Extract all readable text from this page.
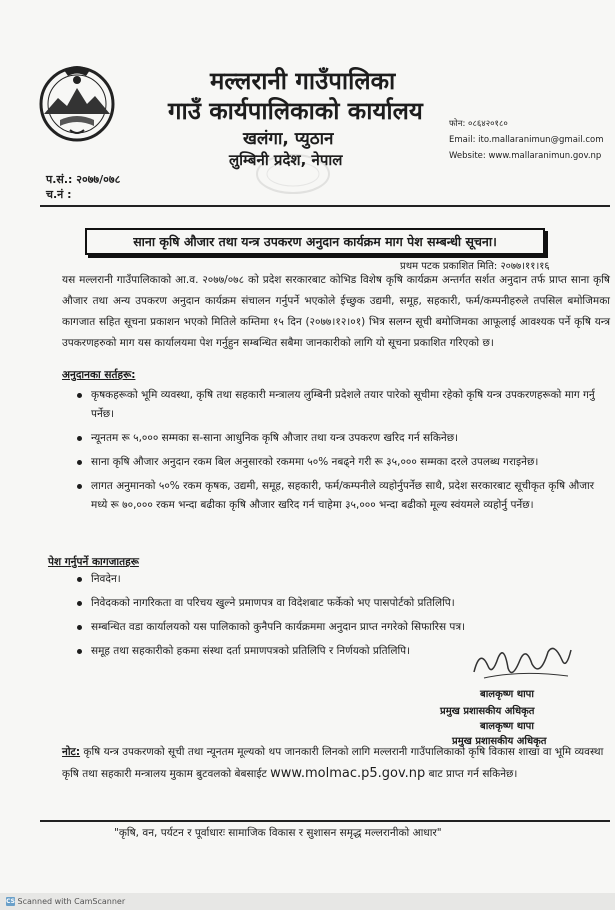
मल्लरानी गाउँपालिका
गाउँ कार्यपालिकाको कार्यालय
खलंगा, प्युठान
लुम्बिनी प्रदेश, नेपाल
फोन: ०८६४२०१८०
Email: ito.mallaranimun@gmail.com
Website: www.mallaranimun.gov.np
प.सं.: २०७७/०७८
च.नं :
साना कृषि औजार तथा यन्त्र उपकरण अनुदान कार्यक्रम माग पेश सम्बन्धी सूचना।
प्रथम पटक प्रकाशित मिति: २०७७।११।१६
यस मल्लरानी गाउँपालिकाको आ.व. २०७७/०७८ को प्रदेश सरकारबाट कोभिड विशेष कृषि कार्यक्रम अन्तर्गत सर्शत अनुदान तर्फ प्राप्त साना कृषि औजार तथा अन्य उपकरण अनुदान कार्यक्रम संचालन गर्नुपर्ने भएकोले ईच्छुक उद्यमी, समूह, सहकारी, फर्म/कम्पनीहरुले तपसिल बमोजिमका कागजात सहित सूचना प्रकाशन भएको मितिले कम्तिमा १५ दिन (२०७७।१२।०१) भित्र सलग्न सूची बमोजिमका आफूलाई आवश्यक पर्ने कृषि यन्त्र उपकरणहरुको माग यस कार्यालयमा पेश गर्नुहुन सम्बन्धित सबैमा जानकारीको लागि यो सूचना प्रकाशित गरिएको छ।
अनुदानका सर्तहरू:
कृषकहरूको भूमि व्यवस्था, कृषि तथा सहकारी मन्त्रालय लुम्बिनी प्रदेशले तयार पारेको सूचीमा रहेको कृषि यन्त्र उपकरणहरूको माग गर्नु पर्नेछ।
न्यूनतम रू ५,००० सम्मका स-साना आधुनिक कृषि औजार तथा यन्त्र उपकरण खरिद गर्न सकिनेछ।
साना कृषि औजार अनुदान रकम बिल अनुसारको रकममा ५०% नबढ्ने गरी रू ३५,००० सम्मका दरले उपलब्ध गराइनेछ।
लागत अनुमानको ५०% रकम कृषक, उद्यमी, समूह, सहकारी, फर्म/कम्पनीले व्यहोर्नुपर्नेछ साथै, प्रदेश सरकारबाट सूचीकृत कृषि औजार मध्ये रू ७०,००० रकम भन्दा बढीका कृषि औजार खरिद गर्न चाहेमा ३५,००० भन्दा बढीको मूल्य स्वंयमले व्यहोर्नु पर्नेछ।
पेश गर्नुपर्ने कागजातहरू
निवदेन।
निवेदकको नागरिकता वा परिचय खुल्ने प्रमाणपत्र वा विदेशबाट फर्केको भए पासपोर्टको प्रतिलिपि।
सम्बन्धित वडा कार्यालयको यस पालिकाको कुनैपनि कार्यक्रममा अनुदान प्राप्त नगरेको सिफारिस पत्र।
समूह तथा सहकारीको हकमा संस्था दर्ता प्रमाणपत्रको प्रतिलिपि र निर्णयको प्रतिलिपि।
बालकृष्ण थापा
प्रमुख प्रशासकीय अधिकृत
बालकृष्ण थापा
प्रमुख प्रशासकीय अधिकृत
नोट: कृषि यन्त्र उपकरणको सूची तथा न्यूनतम मूल्यको थप जानकारी लिनको लागि मल्लरानी गाउँपालिकाको कृषि विकास शाखा वा भूमि व्यवस्था कृषि तथा सहकारी मन्त्रालय मुकाम बुटवलको बेबसाईट www.molmac.p5.gov.np बाट प्राप्त गर्न सकिनेछ।
"कृषि, वन, पर्यटन र पूर्वाधारः सामाजिक विकास र सुशासन समृद्ध मल्लरानीको आधार"
CS Scanned with CamScanner
